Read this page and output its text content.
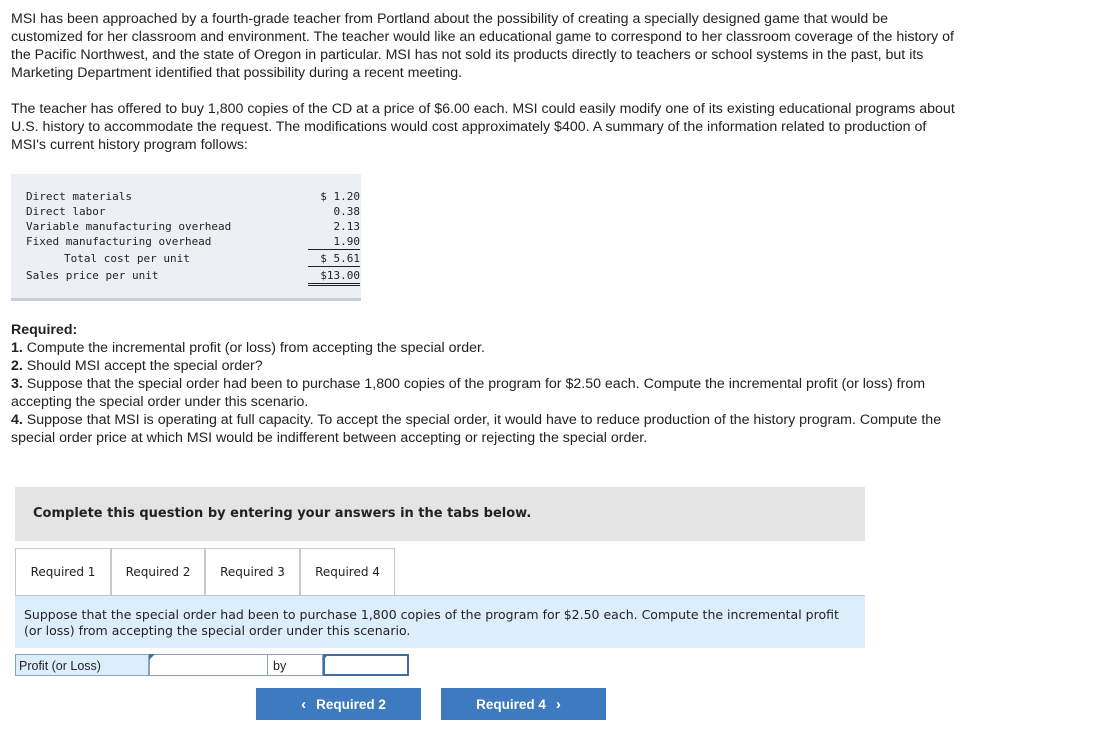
MSI has been approached by a fourth-grade teacher from Portland about the possibility of creating a specially designed game that would be customized for her classroom and environment. The teacher would like an educational game to correspond to her classroom coverage of the history of the Pacific Northwest, and the state of Oregon in particular. MSI has not sold its products directly to teachers or school systems in the past, but its Marketing Department identified that possibility during a recent meeting.

The teacher has offered to buy 1,800 copies of the CD at a price of $6.00 each. MSI could easily modify one of its existing educational programs about U.S. history to accommodate the request. The modifications would cost approximately $400. A summary of the information related to production of MSI's current history program follows:

Direct materials	$ 1.20
Direct labor	0.38
Variable manufacturing overhead	2.13
Fixed manufacturing overhead	1.90
Total cost per unit	$ 5.61
Sales price per unit	$13.00

Required:

1. Compute the incremental profit (or loss) from accepting the special order.

2. Should MSI accept the special order?

3. Suppose that the special order had been to purchase 1,800 copies of the program for $2.50 each. Compute the incremental profit (or loss) from accepting the special order under this scenario.

4. Suppose that MSI is operating at full capacity. To accept the special order, it would have to reduce production of the history program. Compute the special order price at which MSI would be indifferent between accepting or rejecting the special order.

Complete this question by entering your answers in the tabs below.
Required 1	Required 2	Required 3	Required 4

Suppose that the special order had been to purchase 1,800 copies of the program for $2.50 each. Compute the incremental profit (or loss) from accepting the special order under this scenario.

Profit (or Loss)	by
‹ Required 2	Required 4 ›
